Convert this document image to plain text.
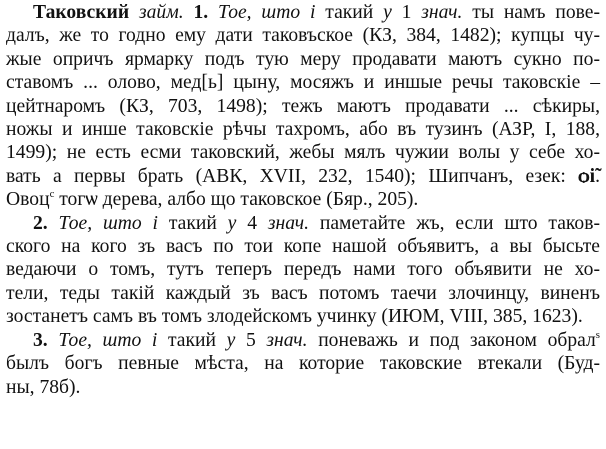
Таковский займ. 1. Тое, што і такий у 1 знач. ты намъ пове-
далъ, же то годно ему дати таковъское (КЗ, 384, 1482); купцы чу-
жые опричъ ярмарку подъ тую меру продавати маютъ сукно по-
ставомъ ... олово, мед[ь] цыну, мосяжъ и иншые речы таковскіе –
цейтнаромъ (КЗ, 703, 1498); тежъ маютъ продавати ... сѣкиры,
ножы и инше таковскіе рѣчы тахромъ, або въ тузинъ (АЗР, І, 188,
1499); не есть есми таковский, жебы мялъ чужии волы у себе хо-
вать а первы брать (АВК, XVII, 232, 1540); Шипчанъ, езек: ѻі̃.
Овоц$^с$ тогѡ дерева, албо що таковское (Бяр., 205).

2. Тое, што і такий у 4 знач. паметайте жъ, если што таков-
ского на кого зъ васъ по тои копе нашой объявитъ, а вы бысьте
ведаючи о томъ, тутъ теперъ передъ нами того объявити не хо-
тели, теды такій каждый зъ васъ потомъ таечи злочинцу, виненъ
зостанетъ самъ въ томъ злодейскомъ учинку (ИЮМ, VIII, 385, 1623).

3. Тое, што і такий у 5 знач. поневажь и под законом обрал$^s$
былъ богъ певные мѣста, на которие таковские втекали (Буд-
ны, 78б).
